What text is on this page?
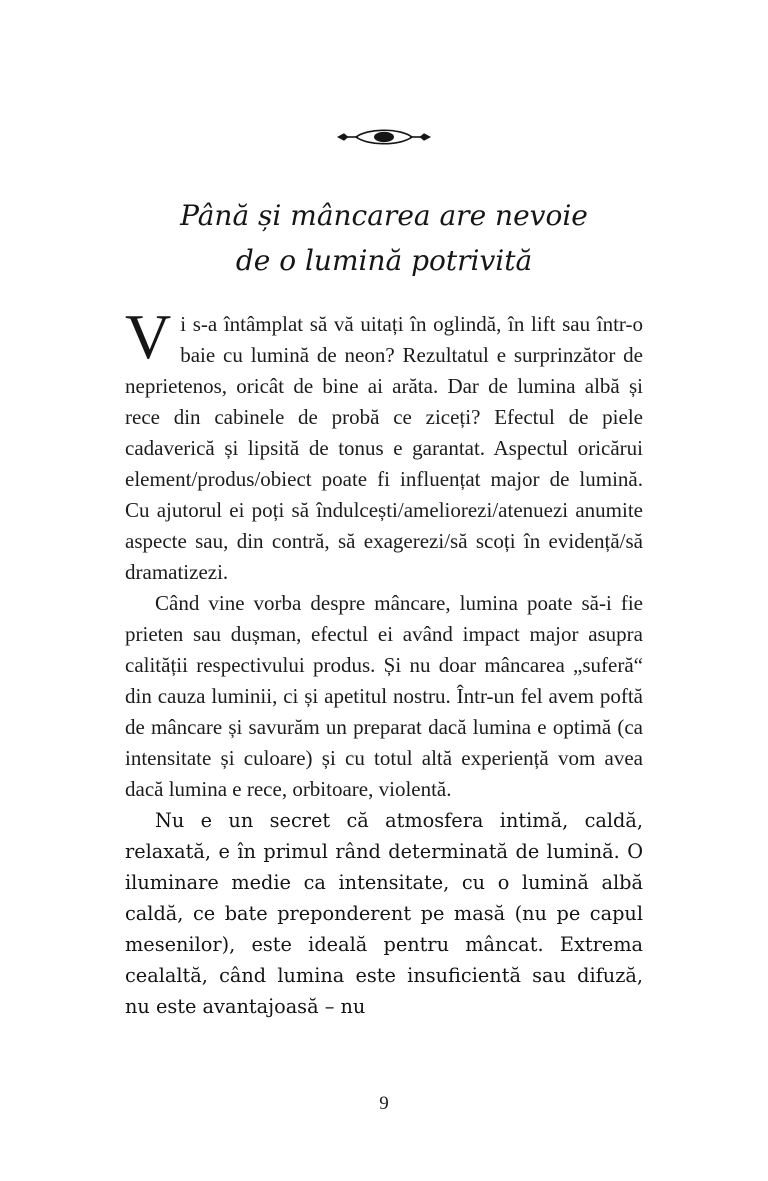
Până și mâncarea are nevoie
de o lumină potrivită

Vi s-a întâmplat să vă uitați în oglindă, în lift sau într-o baie cu lumină de neon? Rezultatul e surprinzător de neprietenos, oricât de bine ai arăta. Dar de lumina albă și rece din cabinele de probă ce ziceți? Efectul de piele cadaverică și lipsită de tonus e garantat. Aspectul oricărui element/produs/obiect poate fi influențat major de lumină. Cu ajutorul ei poți să îndulcești/ameliorezi/atenuezi anumite aspecte sau, din contră, să exagerezi/să scoți în evidență/să dramatizezi.

Când vine vorba despre mâncare, lumina poate să-i fie prieten sau dușman, efectul ei având impact major asupra calității respectivului produs. Și nu doar mâncarea „suferă“ din cauza luminii, ci și apetitul nostru. Într-un fel avem poftă de mâncare și savurăm un preparat dacă lumina e optimă (ca intensitate și culoare) și cu totul altă experiență vom avea dacă lumina e rece, orbitoare, violentă.

Nu e un secret că atmosfera intimă, caldă, relaxată, e în primul rând determinată de lumină. O iluminare medie ca intensitate, cu o lumină albă caldă, ce bate preponderent pe masă (nu pe capul mesenilor), este ideală pentru mâncat. Extrema cealaltă, când lumina este insuficientă sau difuză, nu este avantajoasă – nu

9
